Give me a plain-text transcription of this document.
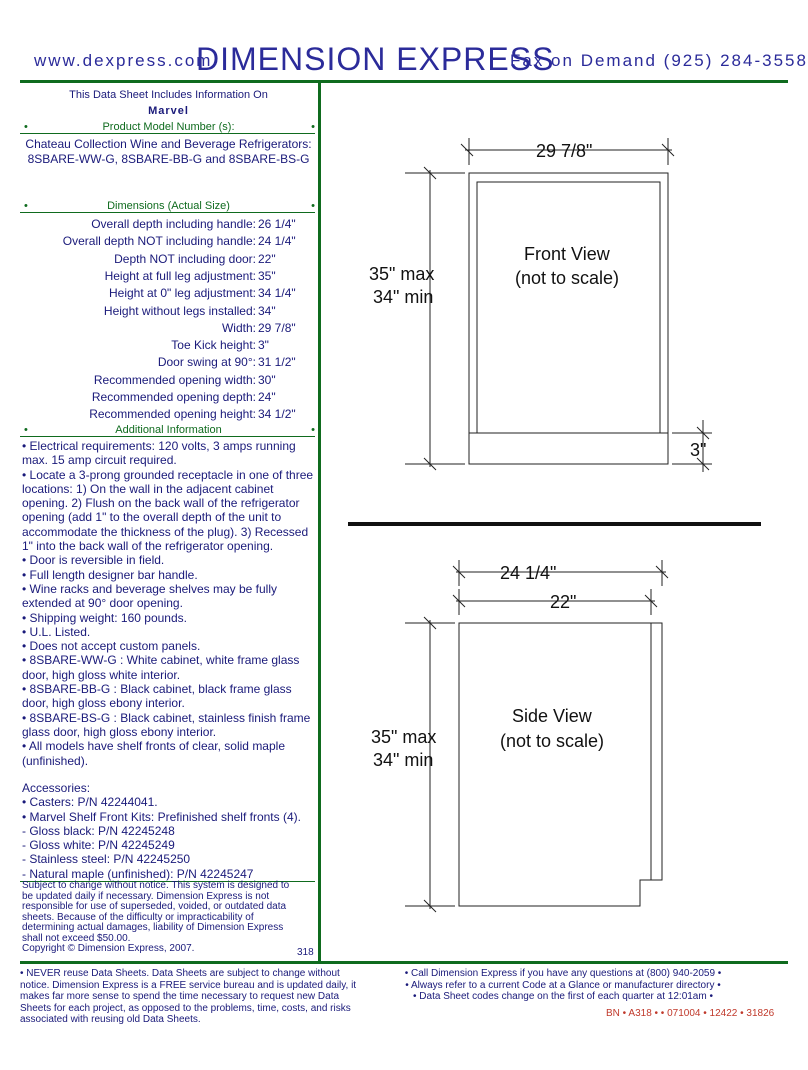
www.dexpress.com
DIMENSION EXPRESS
Fax on Demand (925) 284-3558
This Data Sheet Includes Information On
Marvel
•	Product Model Number (s):	•
Chateau Collection Wine and Beverage Refrigerators:
8SBARE-WW-G, 8SBARE-BB-G and 8SBARE-BS-G
•	Dimensions (Actual Size)	•
Overall depth including handle: 26 1/4"
Overall depth NOT including handle: 24 1/4"
Depth NOT including door: 22"
Height at full leg adjustment: 35"
Height at 0" leg adjustment: 34 1/4"
Height without legs installed: 34"
Width: 29 7/8"
Toe Kick height: 3"
Door swing at 90°: 31 1/2"
Recommended opening width: 30"
Recommended opening depth: 24"
Recommended opening height: 34 1/2"
•	Additional Information	•

• Electrical requirements: 120 volts, 3 amps running max. 15 amp circuit required.

• Locate a 3-prong grounded receptacle in one of three locations: 1) On the wall in the adjacent cabinet opening. 2) Flush on the back wall of the refrigerator opening (add 1" to the overall depth of the unit to accommodate the thickness of the plug). 3) Recessed 1" into the back wall of the refrigerator opening.

• Door is reversible in field.

• Full length designer bar handle.

• Wine racks and beverage shelves may be fully extended at 90° door opening.

• Shipping weight: 160 pounds.

• U.L. Listed.

• Does not accept custom panels.

• 8SBARE-WW-G : White cabinet, white frame glass door, high gloss white interior.

• 8SBARE-BB-G : Black cabinet, black frame glass door, high gloss ebony interior.

• 8SBARE-BS-G : Black cabinet, stainless finish frame glass door, high gloss ebony interior.

• All models have shelf fronts of clear, solid maple (unfinished).

Accessories:

• Casters: P/N 42244041.

• Marvel Shelf Front Kits: Prefinished shelf fronts (4).

- Gloss black: P/N 42245248

- Gloss white: P/N 42245249

- Stainless steel: P/N 42245250

- Natural maple (unfinished): P/N 42245247

Subject to change without notice. This system is designed to be updated daily if necessary. Dimension Express is not responsible for use of superseded, voided, or outdated data sheets. Because of the difficulty or impracticability of determining actual damages, liability of Dimension Express shall not exceed $50.00.

Copyright © Dimension Express, 2007.	318
29 7/8"
35" max
34" min
Front View
(not to scale)
3"
24 1/4"
22"
Side View
(not to scale)
35" max
34" min
• NEVER reuse Data Sheets. Data Sheets are subject to change without notice. Dimension Express is a FREE service bureau and is updated daily, it makes far more sense to spend the time necessary to request new Data Sheets for each project, as opposed to the problems, time, costs, and risks associated with reusing old Data Sheets.
• Call Dimension Express if you have any questions at (800) 940-2059 •
• Always refer to a current Code at a Glance or manufacturer directory •
• Data Sheet codes change on the first of each quarter at 12:01am •
BN • A318 • • 071004 • 12422 • 31826
